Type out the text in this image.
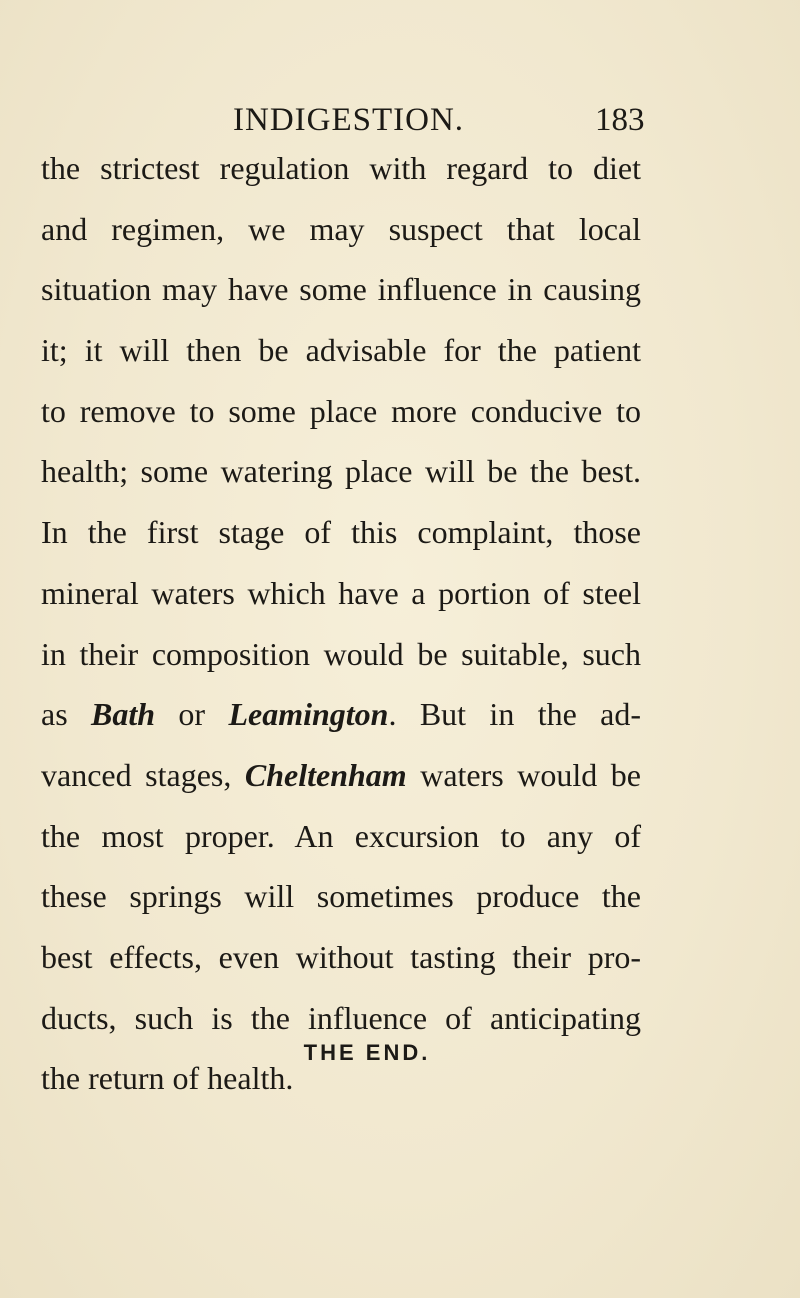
INDIGESTION.	183
the strictest regulation with regard to diet
and regimen, we may suspect that local
situation may have some influence in causing
it; it will then be advisable for the patient
to remove to some place more conducive to
health; some watering place will be the best.
In the first stage of this complaint, those
mineral waters which have a portion of steel
in their composition would be suitable, such
as Bath or Leamington. But in the ad-
vanced stages, Cheltenham waters would be
the most proper. An excursion to any of
these springs will sometimes produce the
best effects, even without tasting their pro-
ducts, such is the influence of anticipating
the return of health.
THE END.
